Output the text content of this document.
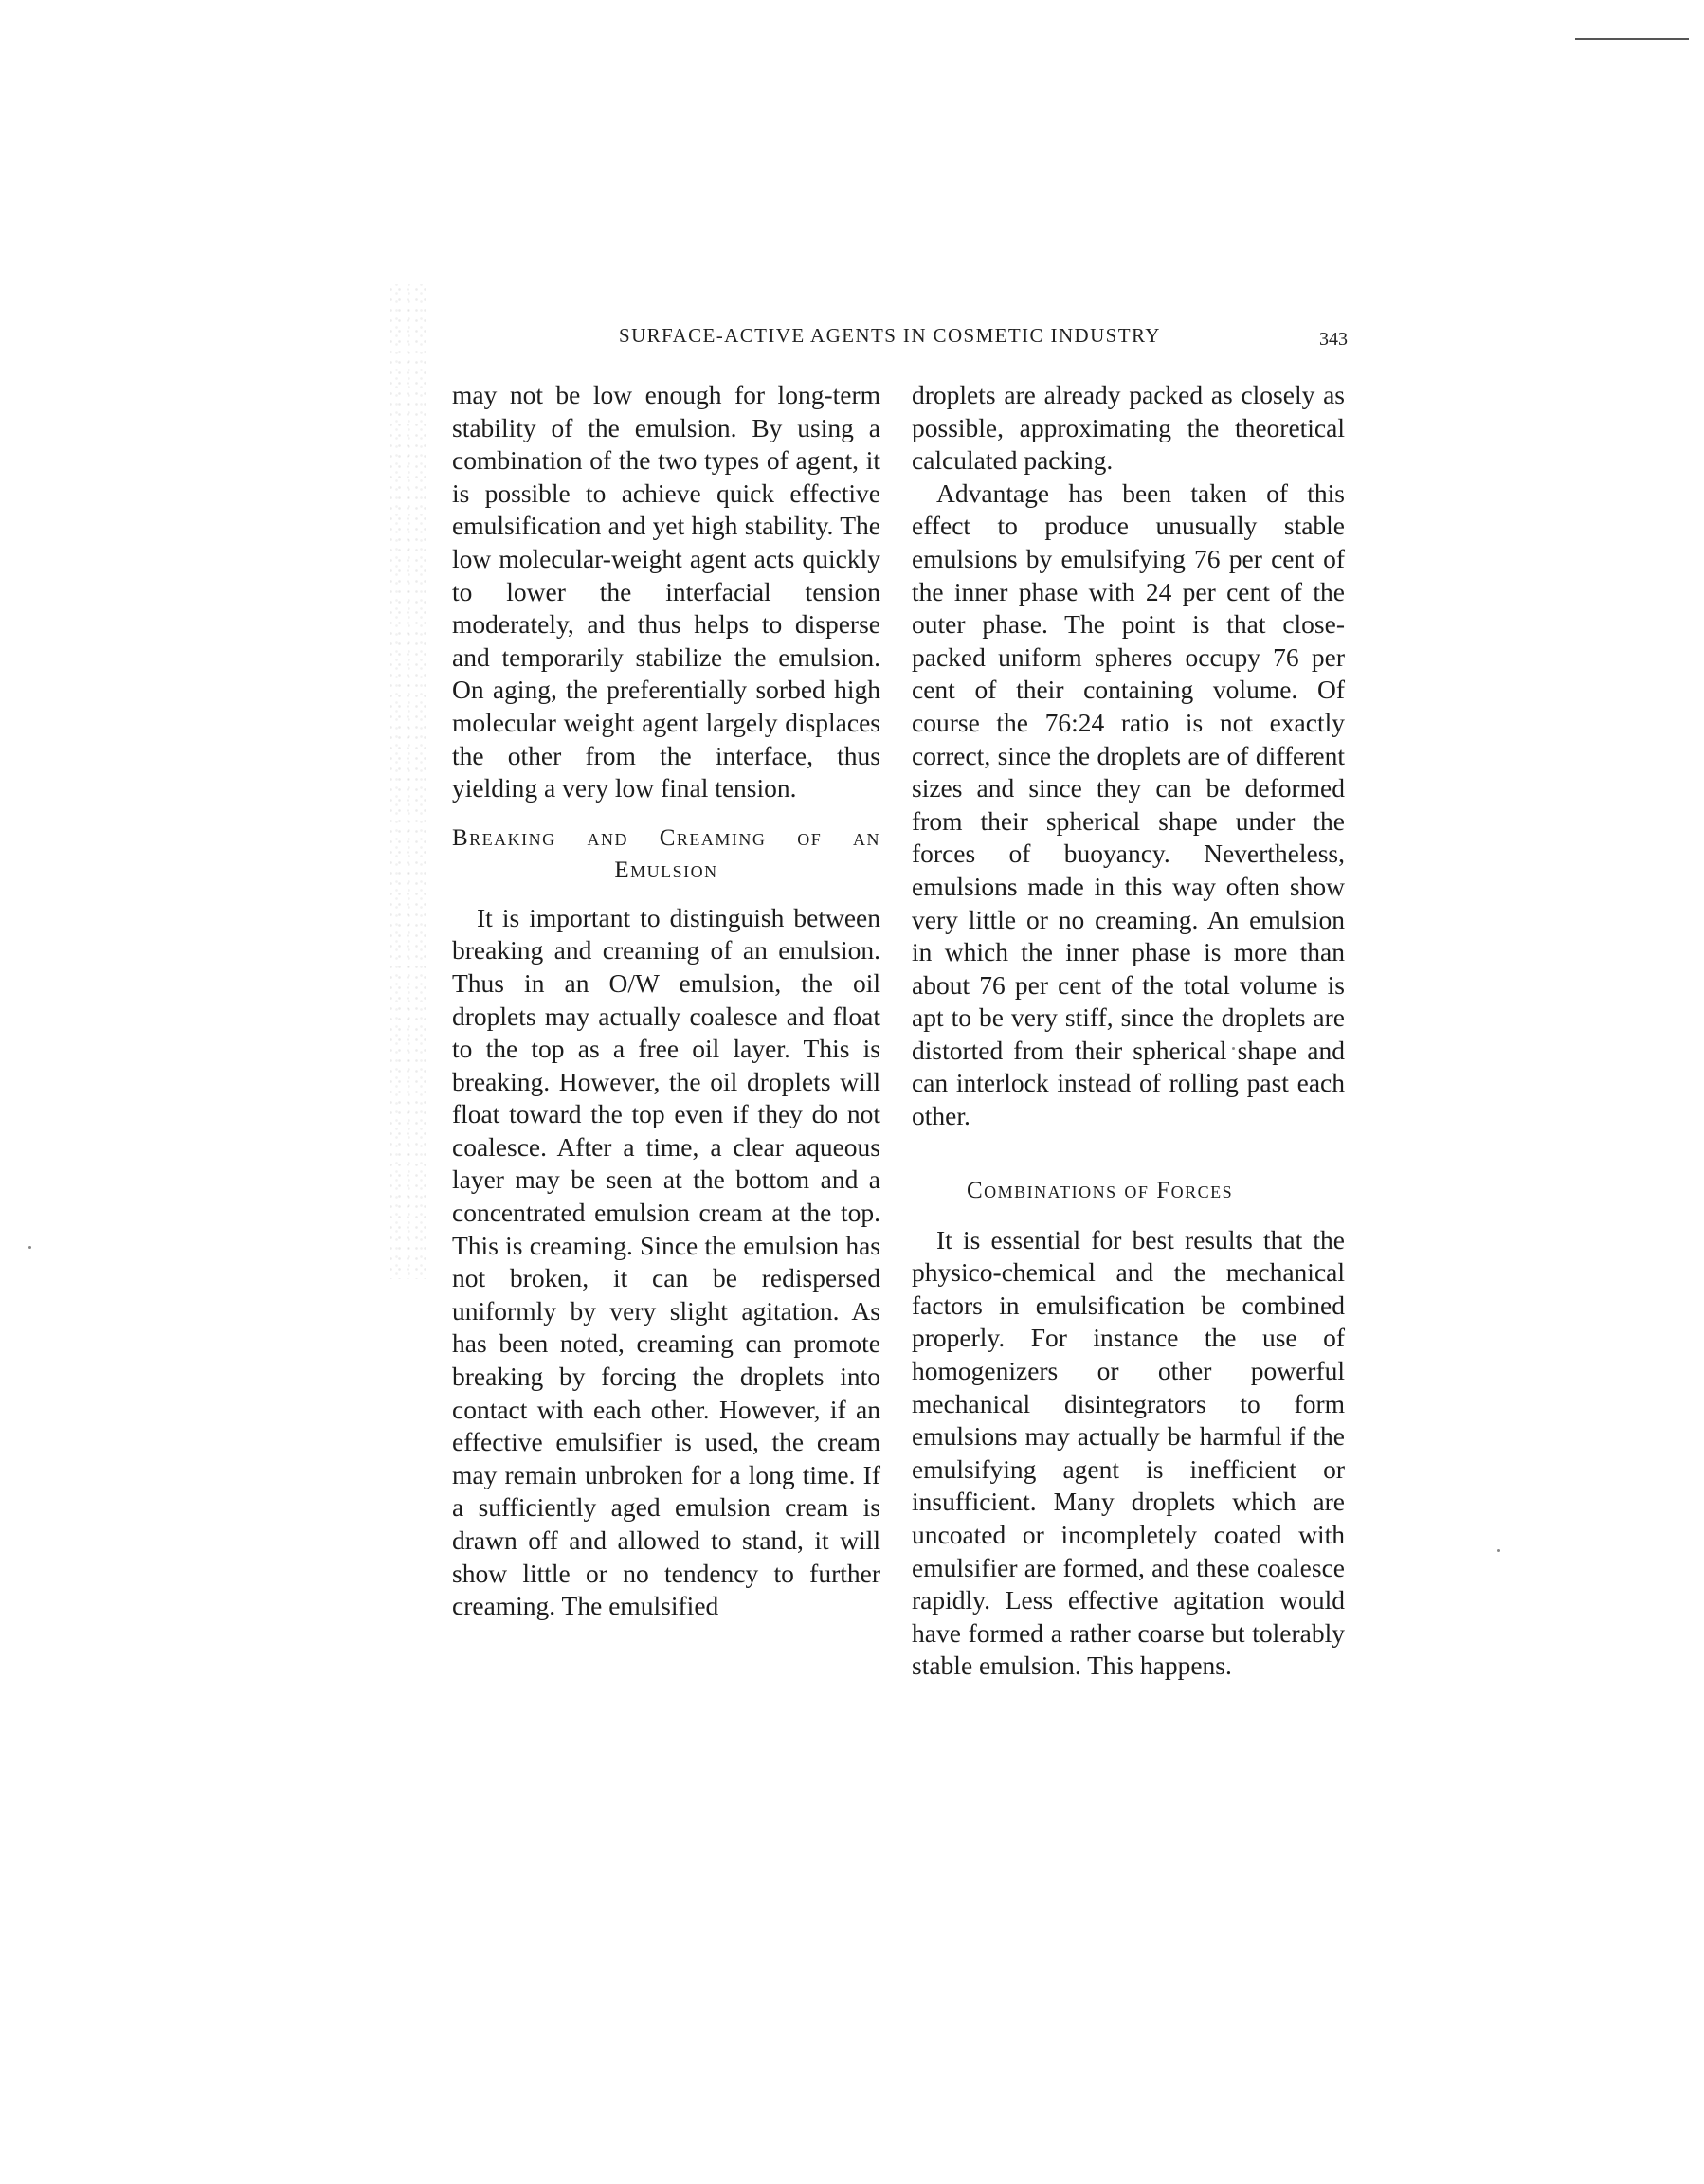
SURFACE-ACTIVE AGENTS IN COSMETIC INDUSTRY	343

may not be low enough for long-term stability of the emulsion. By using a combination of the two types of agent, it is possible to achieve quick effective emulsification and yet high stability. The low molecular-weight agent acts quickly to lower the interfacial tension moderately, and thus helps to disperse and temporarily stabilize the emulsion. On aging, the preferentially sorbed high molecular weight agent largely displaces the other from the interface, thus yielding a very low final tension.

Breaking and Creaming of an
Emulsion

It is important to distinguish between breaking and creaming of an emulsion. Thus in an O/W emulsion, the oil droplets may actually coalesce and float to the top as a free oil layer. This is breaking. However, the oil droplets will float toward the top even if they do not coalesce. After a time, a clear aqueous layer may be seen at the bottom and a concentrated emulsion cream at the top. This is creaming. Since the emulsion has not broken, it can be redispersed uniformly by very slight agitation. As has been noted, creaming can promote breaking by forcing the droplets into contact with each other. However, if an effective emulsifier is used, the cream may remain unbroken for a long time. If a sufficiently aged emulsion cream is drawn off and allowed to stand, it will show little or no tendency to further creaming. The emulsified

droplets are already packed as closely as possible, approximating the theoretical calculated packing.

Advantage has been taken of this effect to produce unusually stable emulsions by emulsifying 76 per cent of the inner phase with 24 per cent of the outer phase. The point is that close-packed uniform spheres occupy 76 per cent of their containing volume. Of course the 76:24 ratio is not exactly correct, since the droplets are of different sizes and since they can be deformed from their spherical shape under the forces of buoyancy. Nevertheless, emulsions made in this way often show very little or no creaming. An emulsion in which the inner phase is more than about 76 per cent of the total volume is apt to be very stiff, since the droplets are distorted from their spherical shape and can interlock instead of rolling past each other.

Combinations of Forces

It is essential for best results that the physico-chemical and the mechanical factors in emulsification be combined properly. For instance the use of homogenizers or other powerful mechanical disintegrators to form emulsions may actually be harmful if the emulsifying agent is inefficient or insufficient. Many droplets which are uncoated or incompletely coated with emulsifier are formed, and these coalesce rapidly. Less effective agitation would have formed a rather coarse but tolerably stable emulsion. This happens.
